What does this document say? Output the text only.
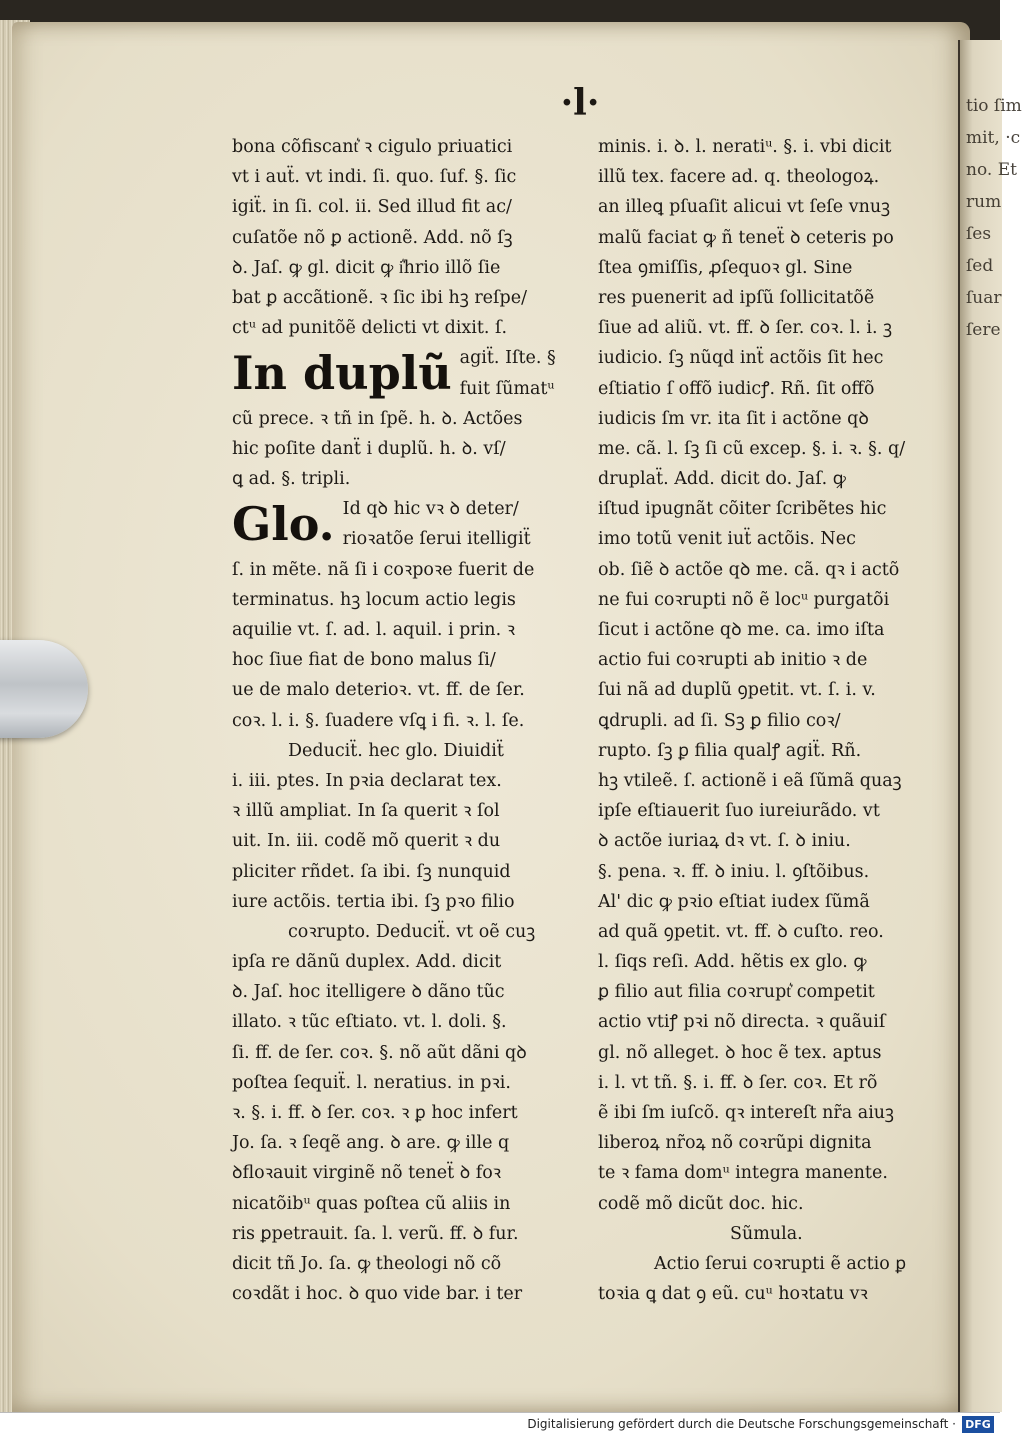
tio ſim
mit, ·c
no. Et
rum
ſes
ſed
ſuar
ſere
·l·
bona cõfiscant͛ ꝛ cigulo priuatici
vt i auẗ. vt indi. ſi. quo. ſuf. §. ſic
igiẗ. in ſi. col. ii. Sed illud fit ac/
cuſatõe nõ ꝑ actionẽ. Add. nõ ſꝫ
ꝺ. Jaſ. ꝙ gl. dicit ꝙ i͛hrio illõ ſie
bat ꝑ accãtionẽ. ꝛ ſic ibi hꝫ reſpe/
ctᵘ ad punitõẽ delicti vt dixit. ſ.
In duplũ agiẗ. Iſte. §
fuit ſũmatᵘ
cũ prece. ꝛ tñ in ſpẽ. h. ꝺ. Actões
hic poſite danẗ i duplũ. h. ꝺ. vſ/
ꝗ ad. §. tripli.
Glo. Id qꝺ hic vꝛ ꝺ deter/
rioꝛatõe ſerui itelligiẗ
ſ. in mẽte. nã ſi i coꝛpoꝛe fuerit de
terminatus. hꝫ locum actio legis
aquilie vt. ſ. ad. l. aquil. i prin. ꝛ
hoc ſiue fiat de bono malus ſi/
ue de malo deterioꝛ. vt. ff. de ſer.
coꝛ. l. i. §. ſuadere vſꝗ i fi. ꝛ. l. ſe.
Deduciẗ. hec glo. Diuidiẗ
i. iii. ptes. In pꝛia declarat tex.
ꝛ illũ ampliat. In ſa querit ꝛ ſol
uit. In. iii. codẽ mõ querit ꝛ du
pliciter rñdet. ſa ibi. ſꝫ nunquid
iure actõis. tertia ibi. ſꝫ pꝛo filio
coꝛrupto. Deduciẗ. vt oẽ cuꝫ
ipſa re dãnũ duplex. Add. dicit
ꝺ. Jaſ. hoc itelligere ꝺ dãno tũc
illato. ꝛ tũc eſtiato. vt. l. doli. §.
ſi. ff. de ſer. coꝛ. §. nõ aũt dãni qꝺ
poſtea ſequiẗ. l. neratius. in pꝛi.
ꝛ. §. i. ff. ꝺ ſer. coꝛ. ꝛ ꝑ hoc infert
Jo. ſa. ꝛ ſeqẽ ang. ꝺ are. ꝙ ille q
ꝺfloꝛauit virginẽ nõ teneẗ ꝺ foꝛ
nicatõibᵘ quas poſtea cũ aliis in
ris ꝑpetrauit. ſa. l. verũ. ff. ꝺ fur.
dicit tñ Jo. ſa. ꝙ theologi nõ cõ
coꝛdãt i hoc. ꝺ quo vide bar. i ter
minis. i. ꝺ. l. neratiᵘ. §. i. vbi dicit
illũ tex. facere ad. q. theologoꝝ.
an illeꝗ pſuaſit alicui vt ſeſe vnuꝫ
malũ faciat ꝙ ñ teneẗ ꝺ ceteris po
ſtea ꝯmiſſis, ꝓſequoꝛ gl. Sine
res puenerit ad ipſũ ſollicitatõẽ
ſiue ad aliũ. vt. ff. ꝺ ſer. coꝛ. l. i. ꝫ
iudicio. ſꝫ nũqd inẗ actõis ſit hec
eſtiatio ſ offõ iudicꝭ. Rñ. ſit offõ
iudicis ſm vr. ita ſit i actõne qꝺ
me. cã. l. ſꝫ ſi cũ excep. §. i. ꝛ. §. q/
druplaẗ. Add. dicit do. Jaſ. ꝙ
iſtud ipugnãt cõiter ſcribẽtes hic
imo totũ venit iuẗ actõis. Nec
ob. ſiẽ ꝺ actõe qꝺ me. cã. qꝛ i actõ
ne fui coꝛrupti nõ ẽ locᵘ purgatõi
ſicut i actõne qꝺ me. ca. imo iſta
actio fui coꝛrupti ab initio ꝛ de
ſui nã ad duplũ ꝯpetit. vt. ſ. i. v.
ꝗdrupli. ad ſi. Sꝫ ꝑ filio coꝛ/
rupto. ſꝫ ꝑ filia qualꝭ agiẗ. Rñ.
hꝫ vtileẽ. ſ. actionẽ i eã ſũmã quaꝫ
ipſe eſtiauerit ſuo iureiurãdo. vt
ꝺ actõe iuriaꝝ dꝛ vt. ſ. ꝺ iniu.
§. pena. ꝛ. ff. ꝺ iniu. l. ꝯſtõibus.
Al' dic ꝙ pꝛio eſtiat iudex ſũmã
ad quã ꝯpetit. vt. ff. ꝺ cuſto. reo.
l. ſiqs reſi. Add. hẽtis ex glo. ꝙ
ꝑ filio aut filia coꝛrupt͛ competit
actio vtiꝭ pꝛi nõ directa. ꝛ quãuiſ
gl. nõ alleget. ꝺ hoc ẽ tex. aptus
i. l. vt tñ. §. i. ff. ꝺ ſer. coꝛ. Et rõ
ẽ ibi ſm iuſcõ. qꝛ intereſt nr̃a aiuꝫ
liberoꝝ nr̃oꝝ nõ coꝛrũpi dignita
te ꝛ fama domᵘ integra manente.
codẽ mõ dicũt doc. hic.
Sũmula.
Actio ſerui coꝛrupti ẽ actio ꝑ
toꝛia ꝗ dat ꝯ eũ. cuᵘ hoꝛtatu vꝛ
Digitalisierung gefördert durch die Deutsche Forschungsgemeinschaft · DFG
